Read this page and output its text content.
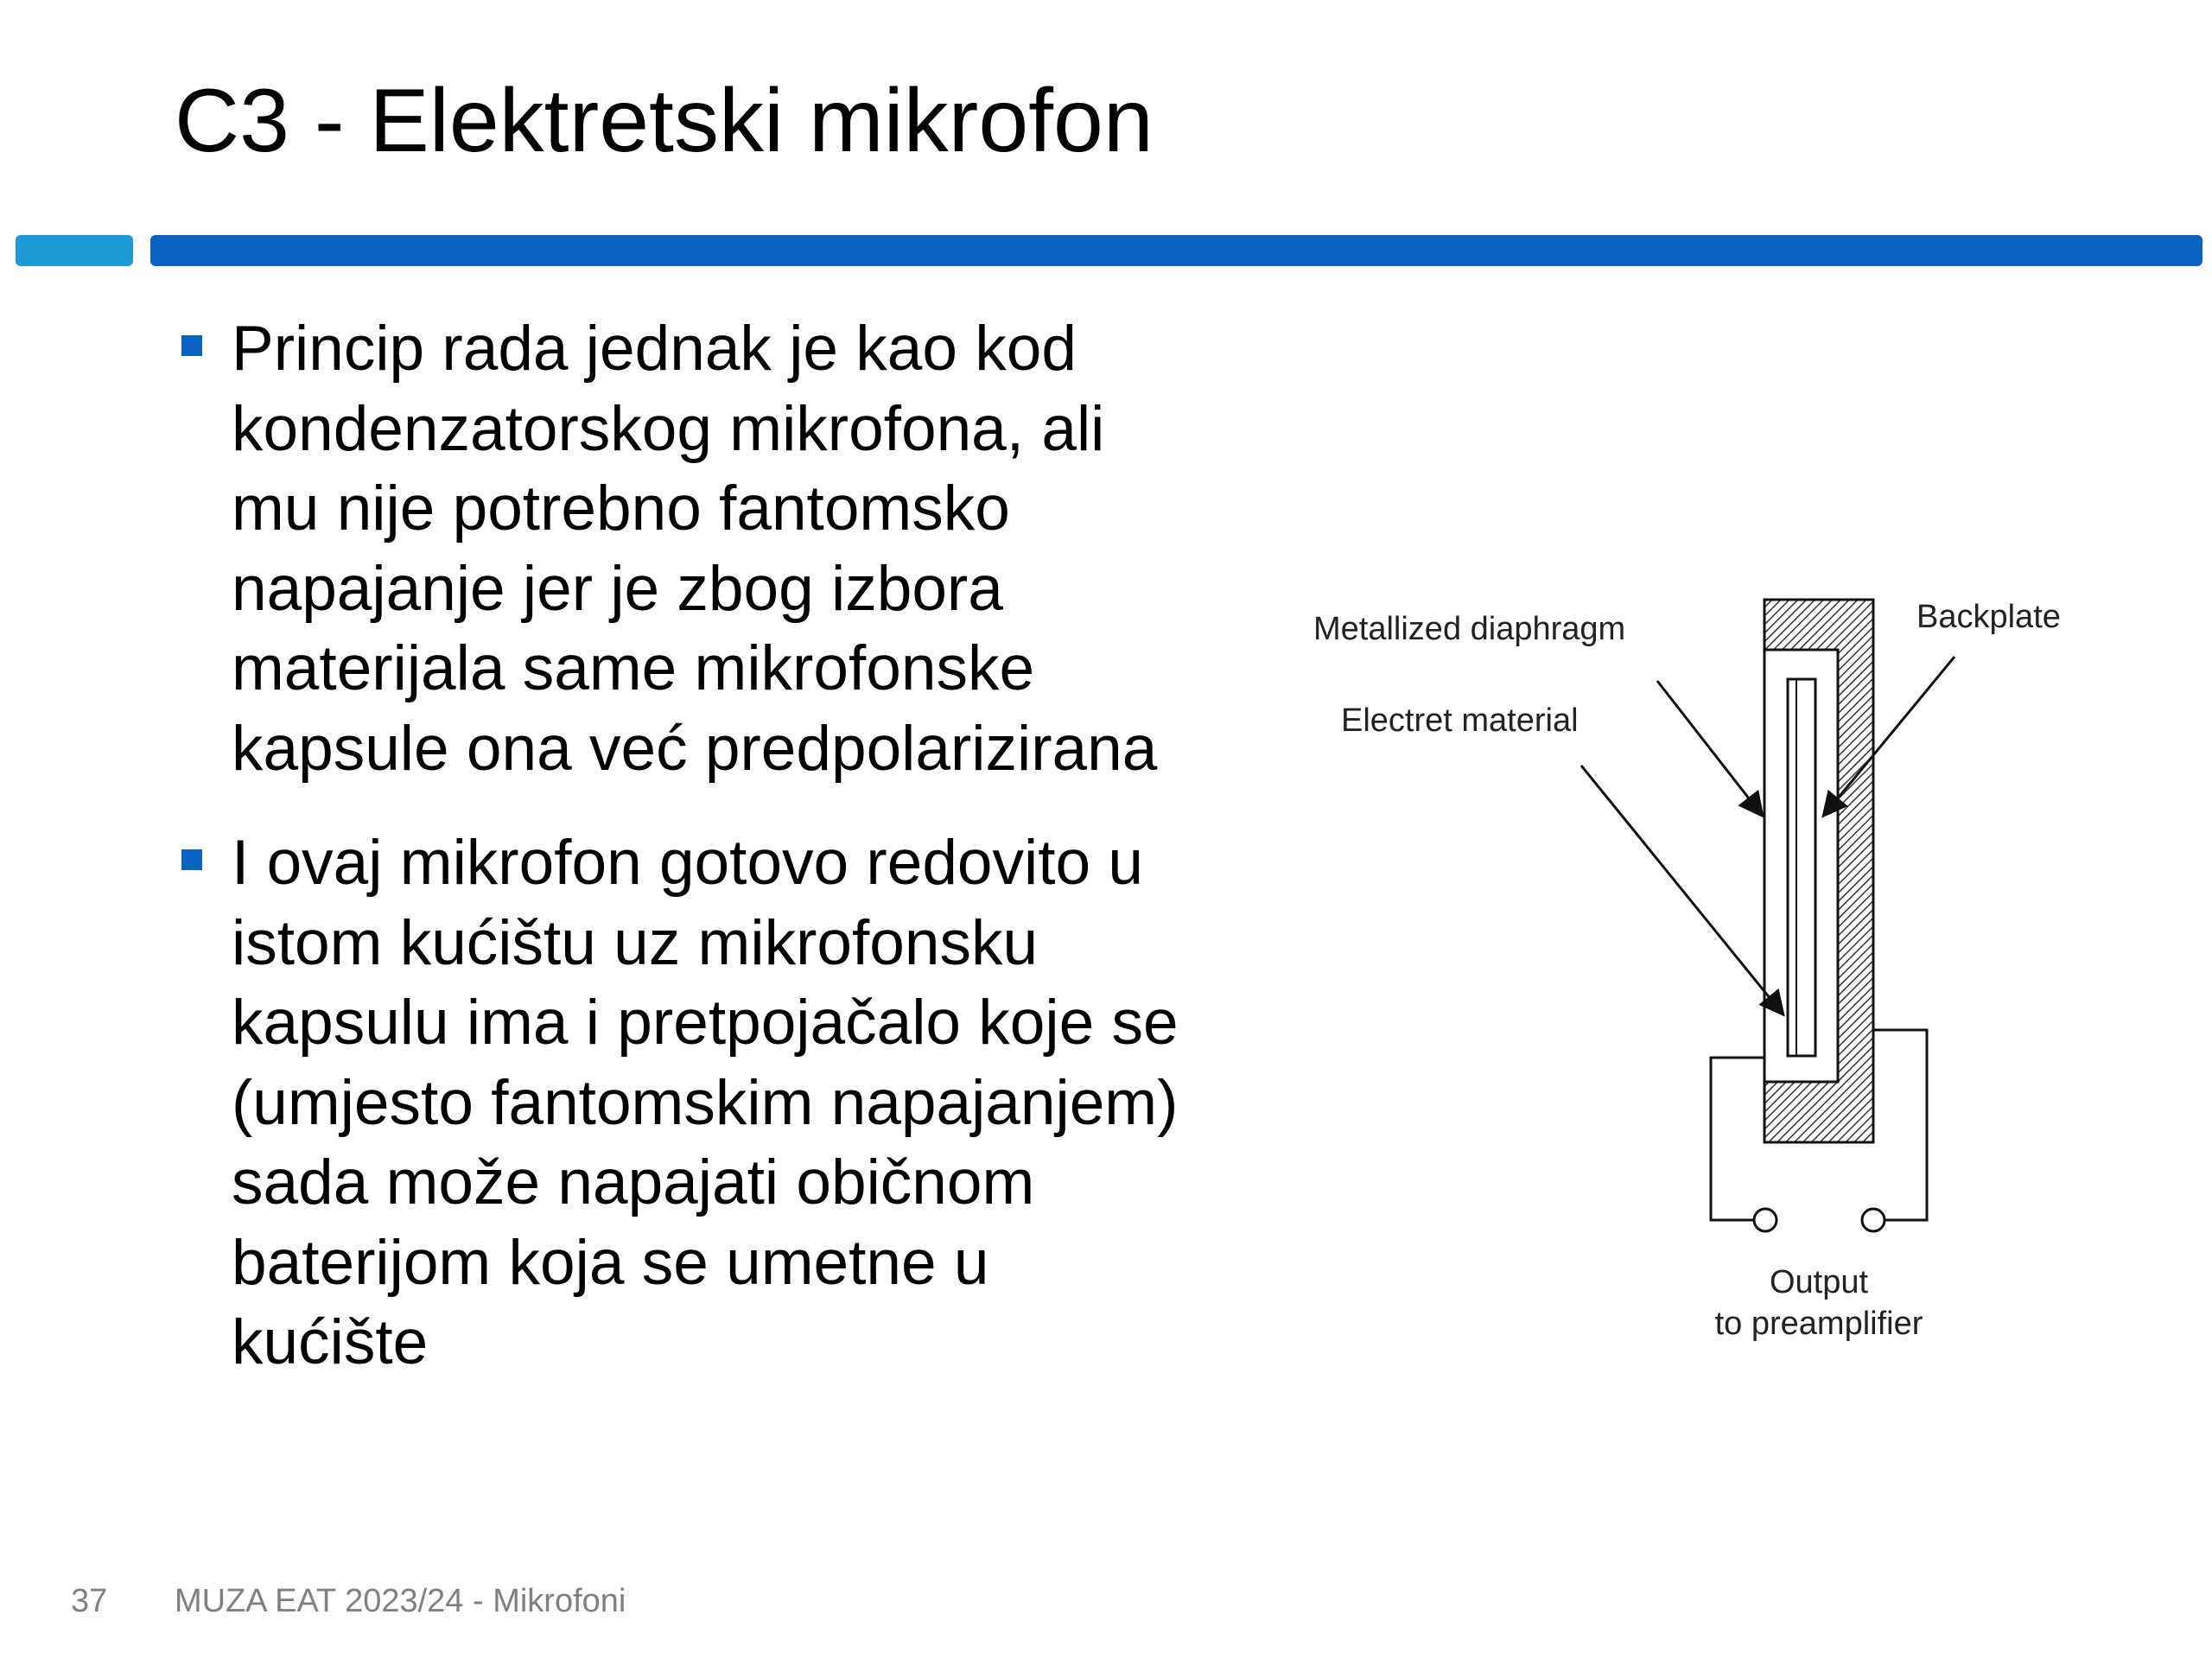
C3 - Elektretski mikrofon
Princip rada jednak je kao kod
kondenzatorskog mikrofona, ali
mu nije potrebno fantomsko
napajanje jer je zbog izbora
materijala same mikrofonske
kapsule ona već predpolarizirana
I ovaj mikrofon gotovo redovito u
istom kućištu uz mikrofonsku
kapsulu ima i pretpojačalo koje se
(umjesto fantomskim napajanjem)
sada može napajati običnom
baterijom koja se umetne u
kućište
Metallized diaphragm	Backplate
Electret material
Output
to preamplifier
37 MUZA EAT 2023/24 - Mikrofoni
